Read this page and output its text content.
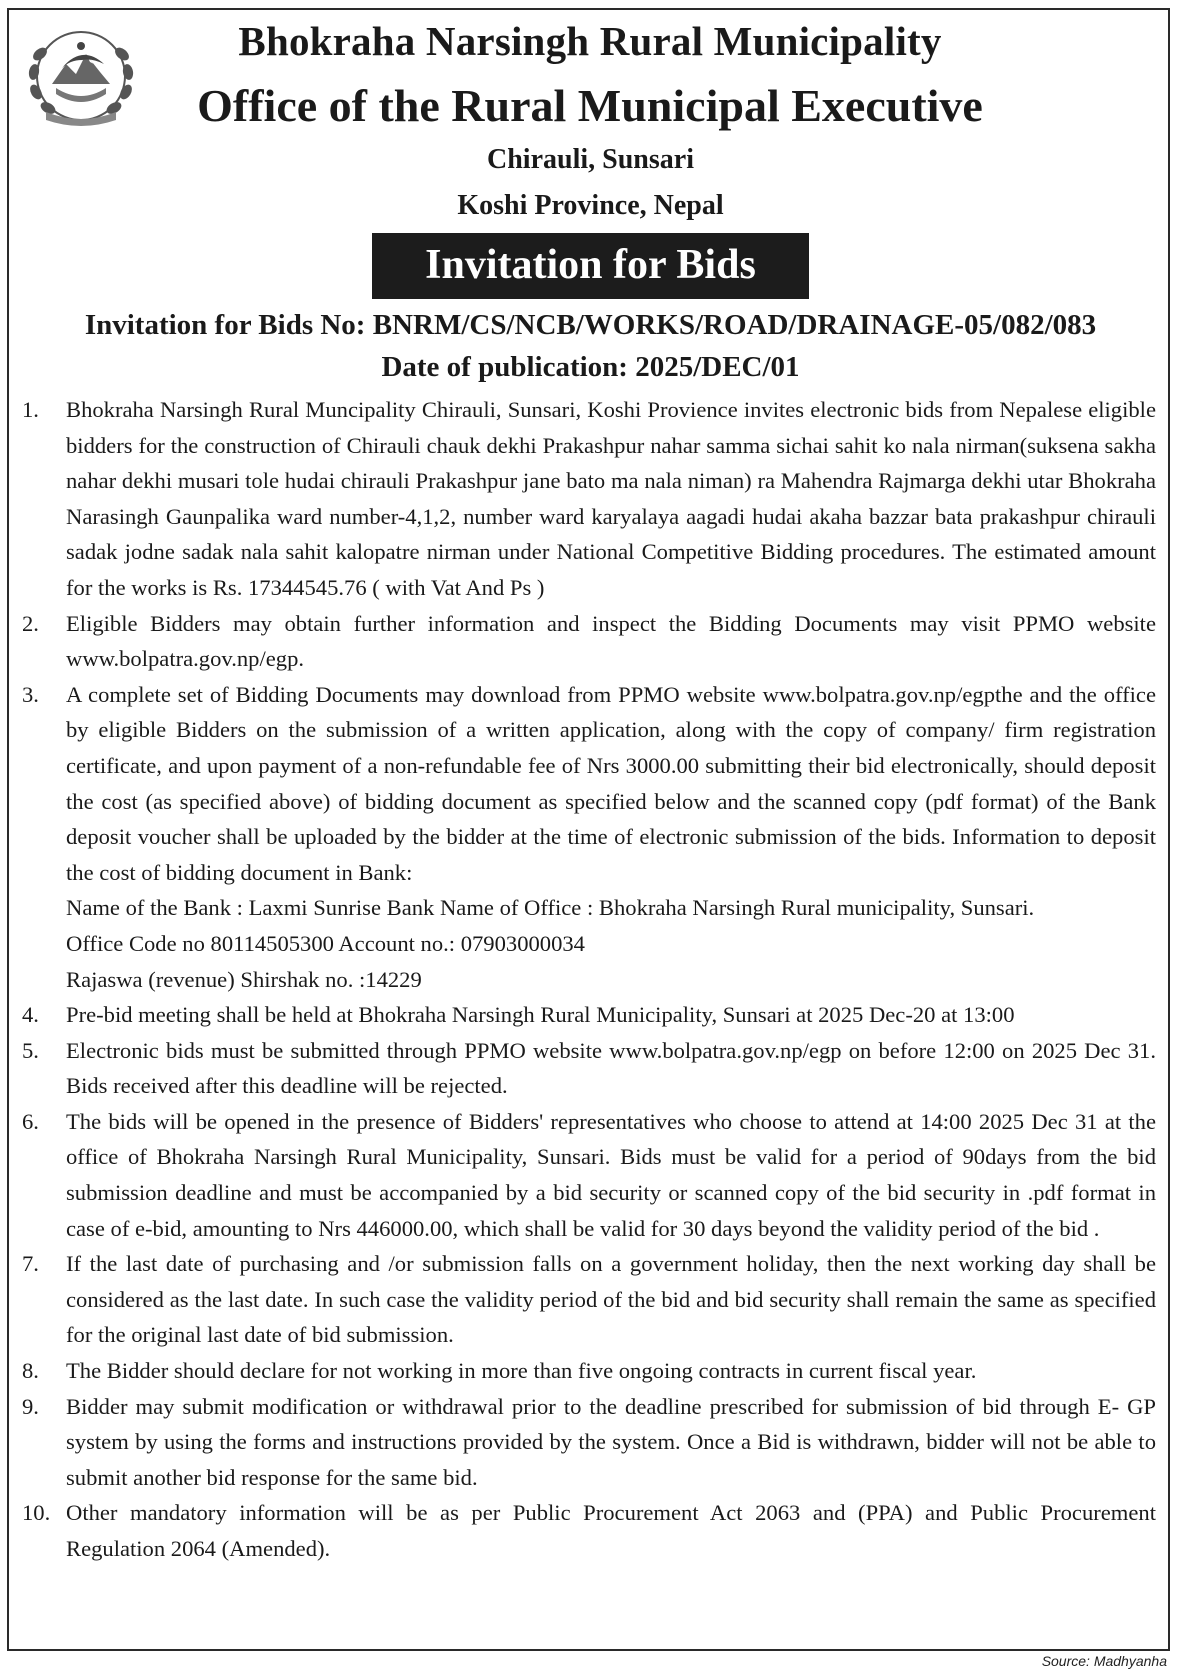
Bhokraha Narsingh Rural Municipality
Office of the Rural Municipal Executive
Chirauli, Sunsari
Koshi Province, Nepal
Invitation for Bids
Invitation for Bids No: BNRM/CS/NCB/WORKS/ROAD/DRAINAGE-05/082/083
Date of publication: 2025/DEC/01
1.	Bhokraha Narsingh Rural Muncipality Chirauli, Sunsari, Koshi Provience invites electronic bids from Nepalese eligible bidders for the construction of Chirauli chauk dekhi Prakashpur nahar samma sichai sahit ko nala nirman(suksena sakha nahar dekhi musari tole hudai chirauli Prakashpur jane bato ma nala niman) ra Mahendra Rajmarga dekhi utar Bhokraha Narasingh Gaunpalika ward number-4,1,2, number ward karyalaya aagadi hudai akaha bazzar bata prakashpur chirauli sadak jodne sadak nala sahit kalopatre nirman under National Competitive Bidding procedures. The estimated amount for the works is Rs. 17344545.76 ( with Vat And Ps )
2.	Eligible Bidders may obtain further information and inspect the Bidding Documents may visit PPMO website www.bolpatra.gov.np/egp.
3.	A complete set of Bidding Documents may download from PPMO website www.bolpatra.gov.np/egpthe and the office by eligible Bidders on the submission of a written application, along with the copy of company/ firm registration certificate, and upon payment of a non-refundable fee of Nrs 3000.00 submitting their bid electronically, should deposit the cost (as specified above) of bidding document as specified below and the scanned copy (pdf format) of the Bank deposit voucher shall be uploaded by the bidder at the time of electronic submission of the bids. Information to deposit the cost of bidding document in Bank:
Name of the Bank : Laxmi Sunrise Bank Name of Office : Bhokraha Narsingh Rural municipality, Sunsari.
Office Code no 80114505300 Account no.: 07903000034
Rajaswa (revenue) Shirshak no. :14229
4.	Pre-bid meeting shall be held at Bhokraha Narsingh Rural Municipality, Sunsari at 2025 Dec-20 at 13:00
5.	Electronic bids must be submitted through PPMO website www.bolpatra.gov.np/egp on before 12:00 on 2025 Dec 31. Bids received after this deadline will be rejected.
6.	The bids will be opened in the presence of Bidders' representatives who choose to attend at 14:00 2025 Dec 31 at the office of Bhokraha Narsingh Rural Municipality, Sunsari. Bids must be valid for a period of 90days from the bid submission deadline and must be accompanied by a bid security or scanned copy of the bid security in .pdf format in case of e-bid, amounting to Nrs 446000.00, which shall be valid for 30 days beyond the validity period of the bid .
7.	If the last date of purchasing and /or submission falls on a government holiday, then the next working day shall be considered as the last date. In such case the validity period of the bid and bid security shall remain the same as specified for the original last date of bid submission.
8.	The Bidder should declare for not working in more than five ongoing contracts in current fiscal year.
9.	Bidder may submit modification or withdrawal prior to the deadline prescribed for submission of bid through E- GP system by using the forms and instructions provided by the system. Once a Bid is withdrawn, bidder will not be able to submit another bid response for the same bid.
10. Other mandatory information will be as per Public Procurement Act 2063 and (PPA) and Public Procurement Regulation 2064 (Amended).
Source: Madhyanha
